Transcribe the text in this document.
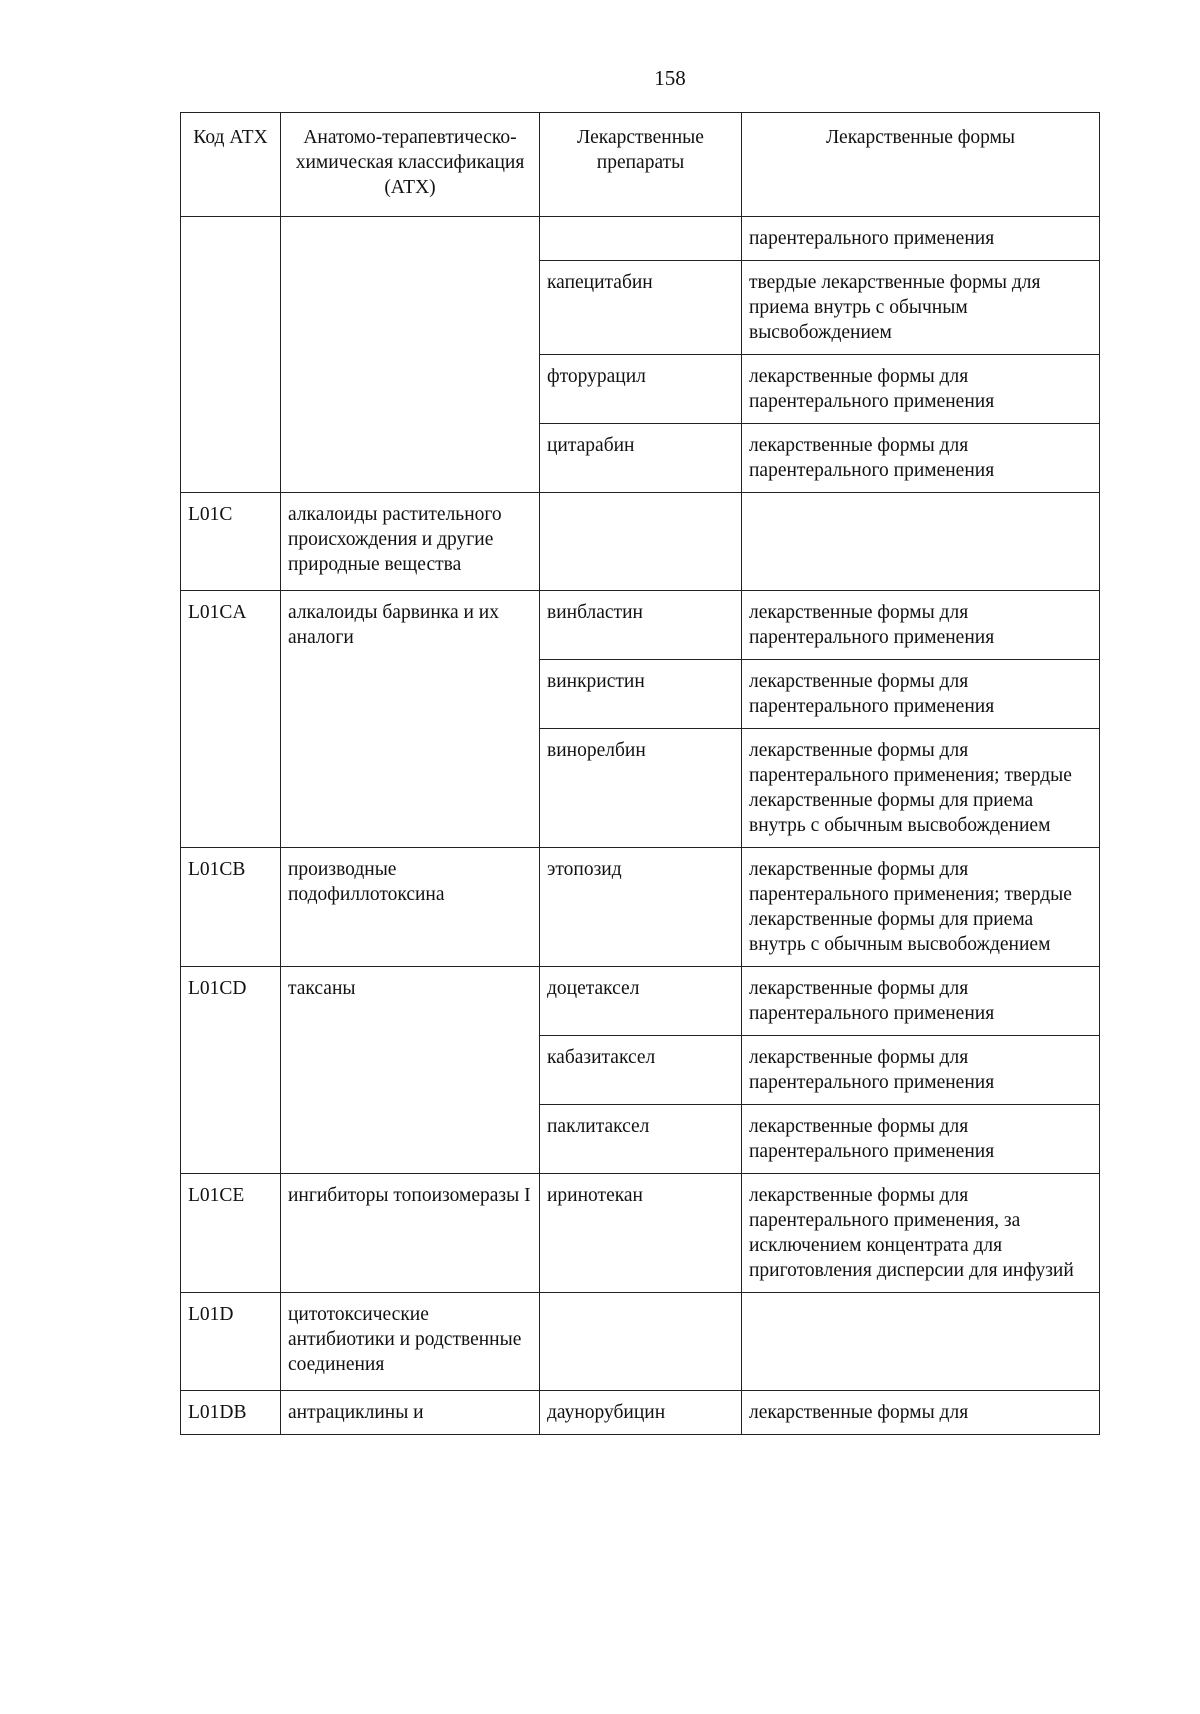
158
Код АТХ	Анатомо-терапевтическо-химическая классификация (АТХ)	Лекарственные препараты	Лекарственные формы
			парентерального применения
		капецитабин	твердые лекарственные формы для приема внутрь с обычным высвобождением
		фторурацил	лекарственные формы для парентерального применения
		цитарабин	лекарственные формы для парентерального применения
L01C	алкалоиды растительного происхождения и другие природные вещества		
L01CA	алкалоиды барвинка и их аналоги	винбластин	лекарственные формы для парентерального применения
		винкристин	лекарственные формы для парентерального применения
		винорелбин	лекарственные формы для парентерального применения; твердые лекарственные формы для приема внутрь с обычным высвобождением
L01CB	производные подофиллотоксина	этопозид	лекарственные формы для парентерального применения; твердые лекарственные формы для приема внутрь с обычным высвобождением
L01CD	таксаны	доцетаксел	лекарственные формы для парентерального применения
		кабазитаксел	лекарственные формы для парентерального применения
		паклитаксел	лекарственные формы для парентерального применения
L01CE	ингибиторы топоизомеразы I	иринотекан	лекарственные формы для парентерального применения, за исключением концентрата для приготовления дисперсии для инфузий
L01D	цитотоксические антибиотики и родственные соединения		
L01DB	антрациклины и	даунорубицин	лекарственные формы для
